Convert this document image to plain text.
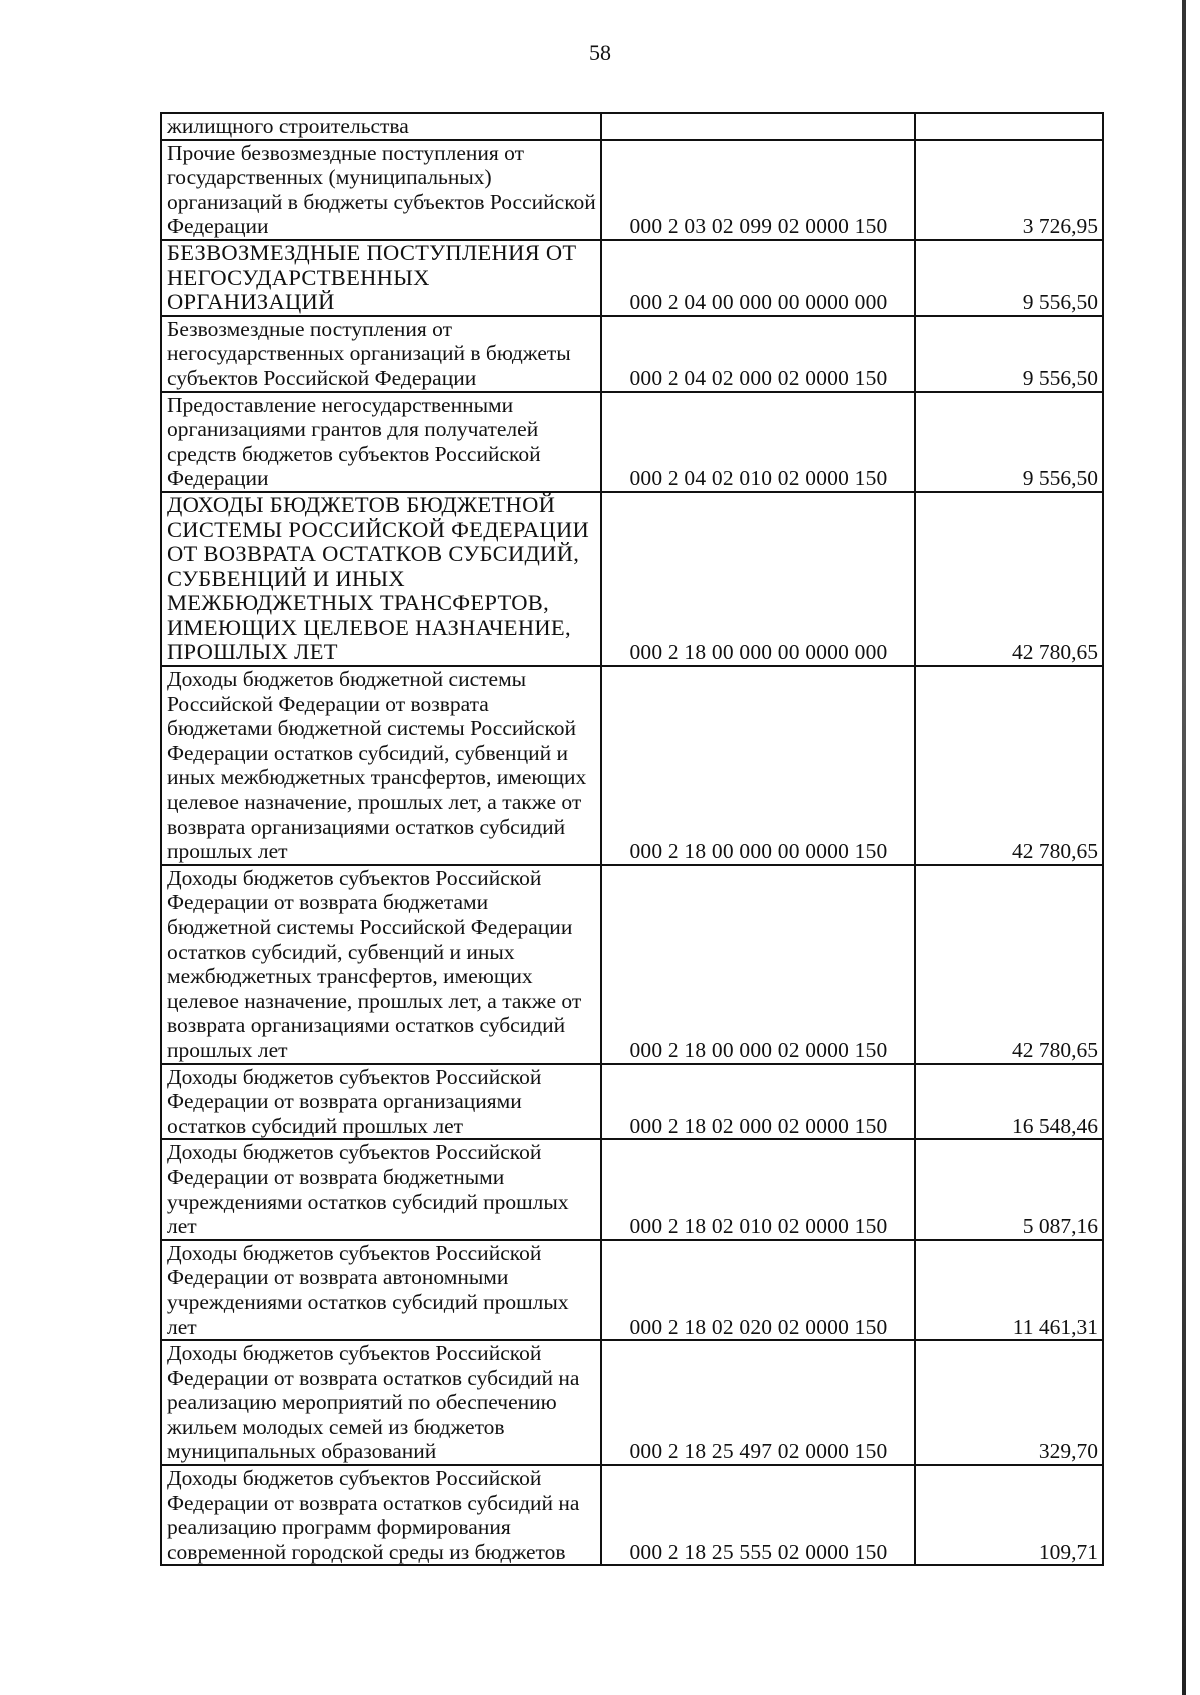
58
жилищного строительства		
Прочие безвозмездные поступления от государственных (муниципальных) организаций в бюджеты субъектов Российской Федерации	000 2 03 02 099 02 0000 150	3 726,95
БЕЗВОЗМЕЗДНЫЕ ПОСТУПЛЕНИЯ ОТ НЕГОСУДАРСТВЕННЫХ ОРГАНИЗАЦИЙ	000 2 04 00 000 00 0000 000	9 556,50
Безвозмездные поступления от негосударственных организаций в бюджеты субъектов Российской Федерации	000 2 04 02 000 02 0000 150	9 556,50
Предоставление негосударственными организациями грантов для получателей средств бюджетов субъектов Российской Федерации	000 2 04 02 010 02 0000 150	9 556,50
ДОХОДЫ БЮДЖЕТОВ БЮДЖЕТНОЙ СИСТЕМЫ РОССИЙСКОЙ ФЕДЕРАЦИИ ОТ ВОЗВРАТА ОСТАТКОВ СУБСИДИЙ, СУБВЕНЦИЙ И ИНЫХ МЕЖБЮДЖЕТНЫХ ТРАНСФЕРТОВ, ИМЕЮЩИХ ЦЕЛЕВОЕ НАЗНАЧЕНИЕ, ПРОШЛЫХ ЛЕТ	000 2 18 00 000 00 0000 000	42 780,65
Доходы бюджетов бюджетной системы Российской Федерации от возврата бюджетами бюджетной системы Российской Федерации остатков субсидий, субвенций и иных межбюджетных трансфертов, имеющих целевое назначение, прошлых лет, а также от возврата организациями остатков субсидий прошлых лет	000 2 18 00 000 00 0000 150	42 780,65
Доходы бюджетов субъектов Российской Федерации от возврата бюджетами бюджетной системы Российской Федерации остатков субсидий, субвенций и иных межбюджетных трансфертов, имеющих целевое назначение, прошлых лет, а также от возврата организациями остатков субсидий прошлых лет	000 2 18 00 000 02 0000 150	42 780,65
Доходы бюджетов субъектов Российской Федерации от возврата организациями остатков субсидий прошлых лет	000 2 18 02 000 02 0000 150	16 548,46
Доходы бюджетов субъектов Российской Федерации от возврата бюджетными учреждениями остатков субсидий прошлых лет	000 2 18 02 010 02 0000 150	5 087,16
Доходы бюджетов субъектов Российской Федерации от возврата автономными учреждениями остатков субсидий прошлых лет	000 2 18 02 020 02 0000 150	11 461,31
Доходы бюджетов субъектов Российской Федерации от возврата остатков субсидий на реализацию мероприятий по обеспечению жильем молодых семей из бюджетов муниципальных образований	000 2 18 25 497 02 0000 150	329,70
Доходы бюджетов субъектов Российской Федерации от возврата остатков субсидий на реализацию программ формирования современной городской среды из бюджетов	000 2 18 25 555 02 0000 150	109,71
